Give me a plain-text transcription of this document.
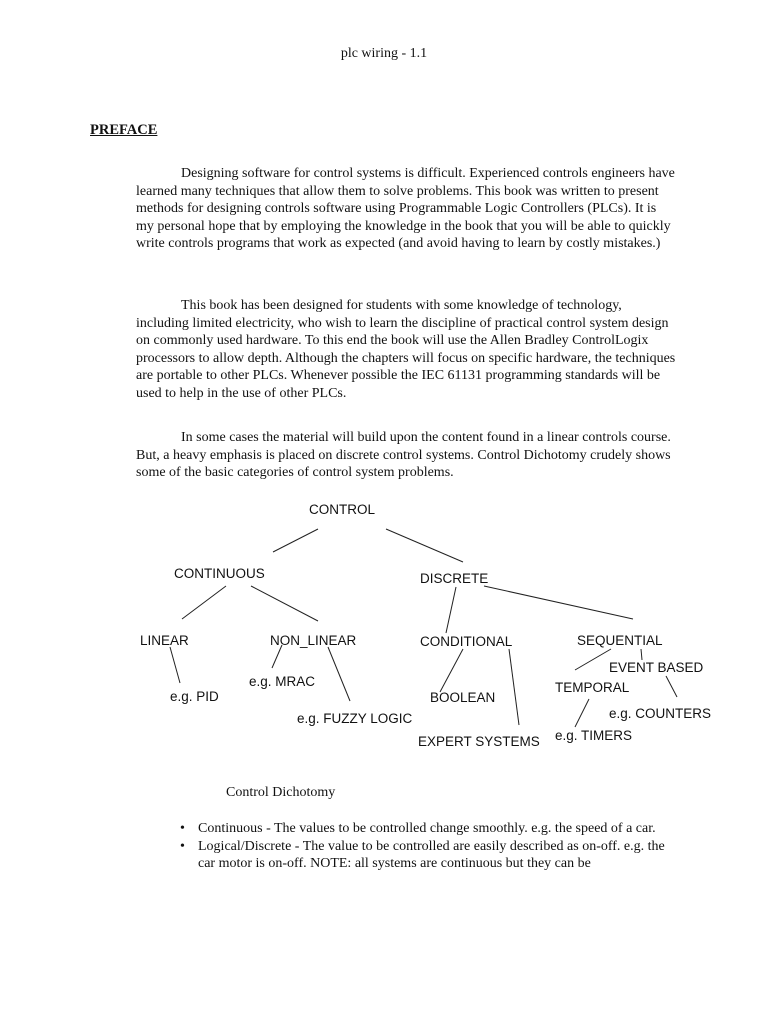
plc wiring - 1.1
PREFACE

Designing software for control systems is difficult. Experienced controls engineers have learned many techniques that allow them to solve problems. This book was written to present methods for designing controls software using Programmable Logic Controllers (PLCs). It is my personal hope that by employing the knowledge in the book that you will be able to quickly write controls programs that work as expected (and avoid having to learn by costly mistakes.)

This book has been designed for students with some knowledge of technology, including limited electricity, who wish to learn the discipline of practical control system design on commonly used hardware. To this end the book will use the Allen Bradley ControlLogix processors to allow depth. Although the chapters will focus on specific hardware, the techniques are portable to other PLCs. Whenever possible the IEC 61131 programming standards will be used to help in the use of other PLCs.

In some cases the material will build upon the content found in a linear controls course. But, a heavy emphasis is placed on discrete control systems. Control Dichotomy crudely shows some of the basic categories of control system problems.

CONTROL
CONTINUOUS	DISCRETE
LINEAR	NON_LINEAR	CONDITIONAL	SEQUENTIAL
e.g. MRAC
e.g. PID	BOOLEAN
EVENT BASED
TEMPORAL
e.g. COUNTERS
e.g. FUZZY LOGIC
e.g. TIMERS
EXPERT SYSTEMS
Control Dichotomy
• Continuous - The values to be controlled change smoothly. e.g. the speed of a car.
• Logical/Discrete - The value to be controlled are easily described as on-off. e.g. the car motor is on-off. NOTE: all systems are continuous but they can be
